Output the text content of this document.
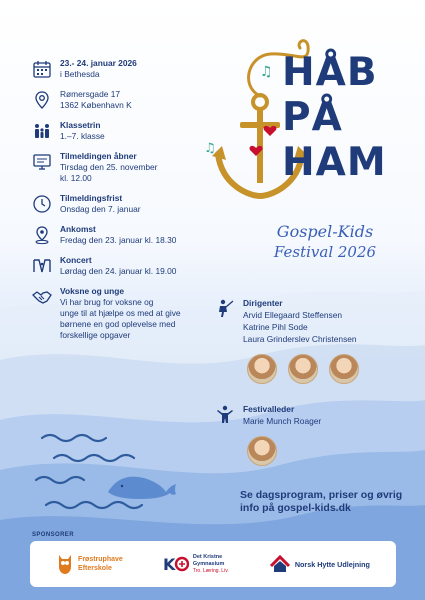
23.- 24. januar 2026
i Bethesda
Rømersgade 17
1362 København K
Klassetrin
1.–7. klasse
Tilmeldingen åbner
Tirsdag den 25. november
kl. 12.00
Tilmeldingsfrist
Onsdag den 7. januar
Ankomst
Fredag den 23. januar kl. 18.30
Koncert
Lørdag den 24. januar kl. 19.00
Voksne og unge
Vi har brug for voksne og
unge til at hjælpe os med at give
børnene en god oplevelse med
forskellige opgaver
♫
♫
HÅB
PÅ
HAM
Gospel-Kids
Festival 2026
Dirigenter
Arvid Ellegaard Steffensen
Katrine Pihl Sode
Laura Grinderslev Christensen
Festivalleder
Marie Munch Roager
Se dagsprogram, priser og øvrig info på gospel-kids.dk
SPONSORER
Frøstruphave
Efterskole	K	Det Kristne
Gymnasium
Tro. Læring. Liv.
Norsk Hytte Udlejning
